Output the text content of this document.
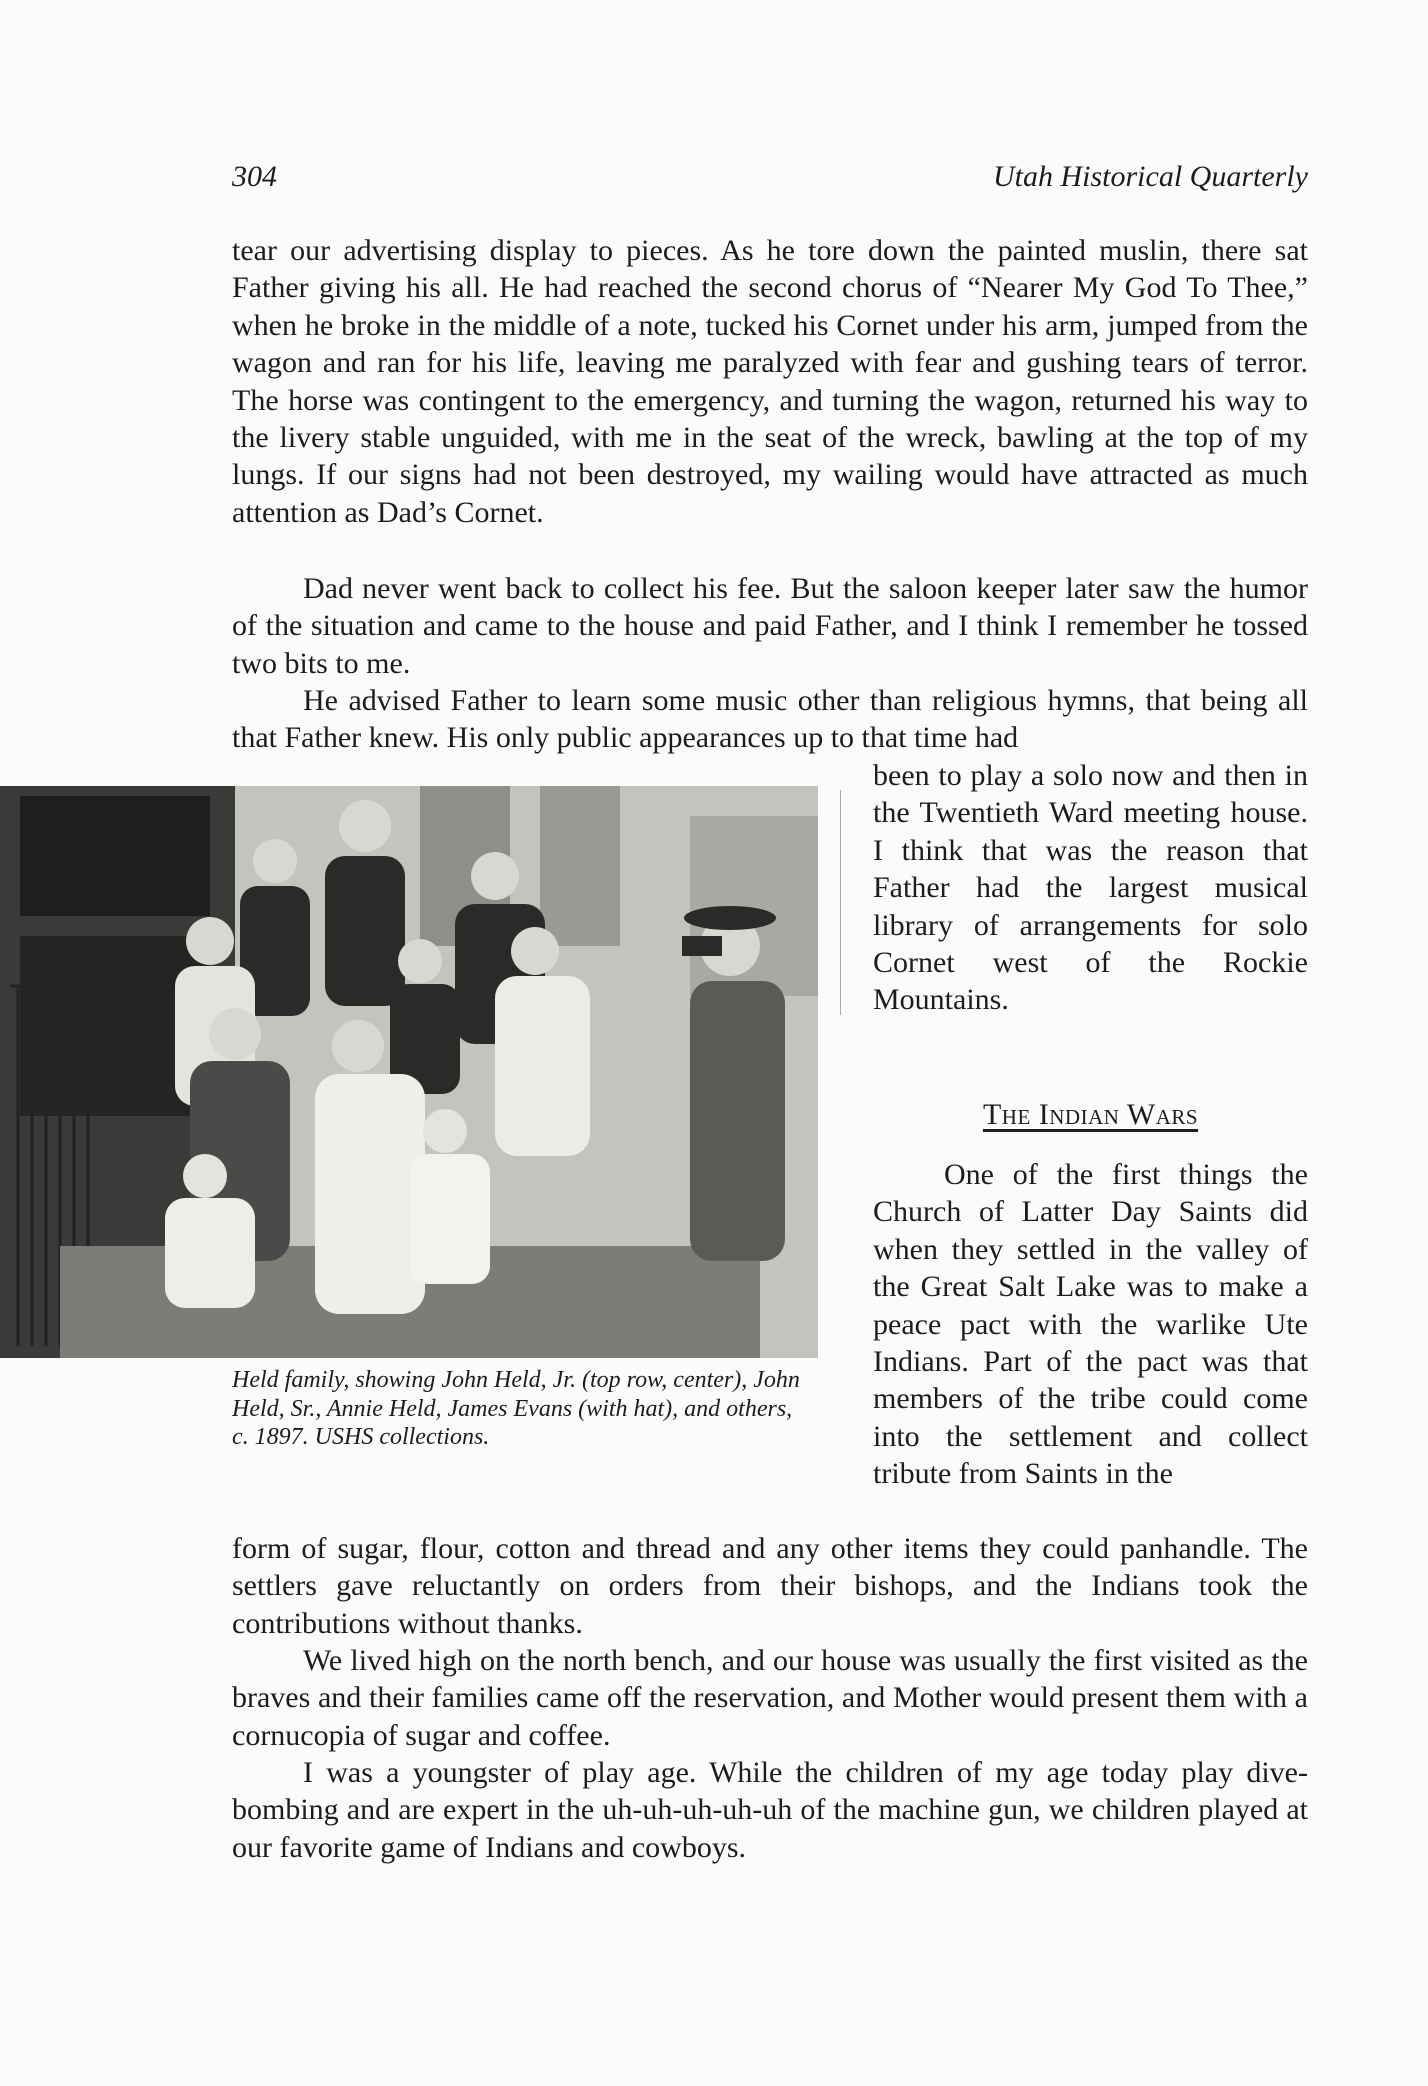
304	Utah Historical Quarterly

tear our advertising display to pieces. As he tore down the painted muslin, there sat Father giving his all. He had reached the second chorus of “Nearer My God To Thee,” when he broke in the middle of a note, tucked his Cornet under his arm, jumped from the wagon and ran for his life, leaving me paralyzed with fear and gushing tears of terror. The horse was contingent to the emergency, and turning the wagon, returned his way to the livery stable unguided, with me in the seat of the wreck, bawling at the top of my lungs. If our signs had not been destroyed, my wailing would have attracted as much attention as Dad’s Cornet.

Dad never went back to collect his fee. But the saloon keeper later saw the humor of the situation and came to the house and paid Father, and I think I remember he tossed two bits to me.

He advised Father to learn some music other than religious hymns, that being all that Father knew. His only public appearances up to that time had

been to play a solo now and then in the Twentieth Ward meeting house. I think that was the reason that Father had the largest musical library of arrangements for solo Cornet west of the Rockie Mountains.

Held family, showing John Held, Jr. (top row, center), John Held, Sr., Annie Held, James Evans (with hat), and others, c. 1897. USHS collections.

The Indian Wars

One of the first things the Church of Latter Day Saints did when they settled in the valley of the Great Salt Lake was to make a peace pact with the warlike Ute Indians. Part of the pact was that members of the tribe could come into the settlement and collect tribute from Saints in the

form of sugar, flour, cotton and thread and any other items they could panhandle. The settlers gave reluctantly on orders from their bishops, and the Indians took the contributions without thanks.

We lived high on the north bench, and our house was usually the first visited as the braves and their families came off the reservation, and Mother would present them with a cornucopia of sugar and coffee.

I was a youngster of play age. While the children of my age today play dive-bombing and are expert in the uh-uh-uh-uh-uh of the machine gun, we children played at our favorite game of Indians and cowboys.
